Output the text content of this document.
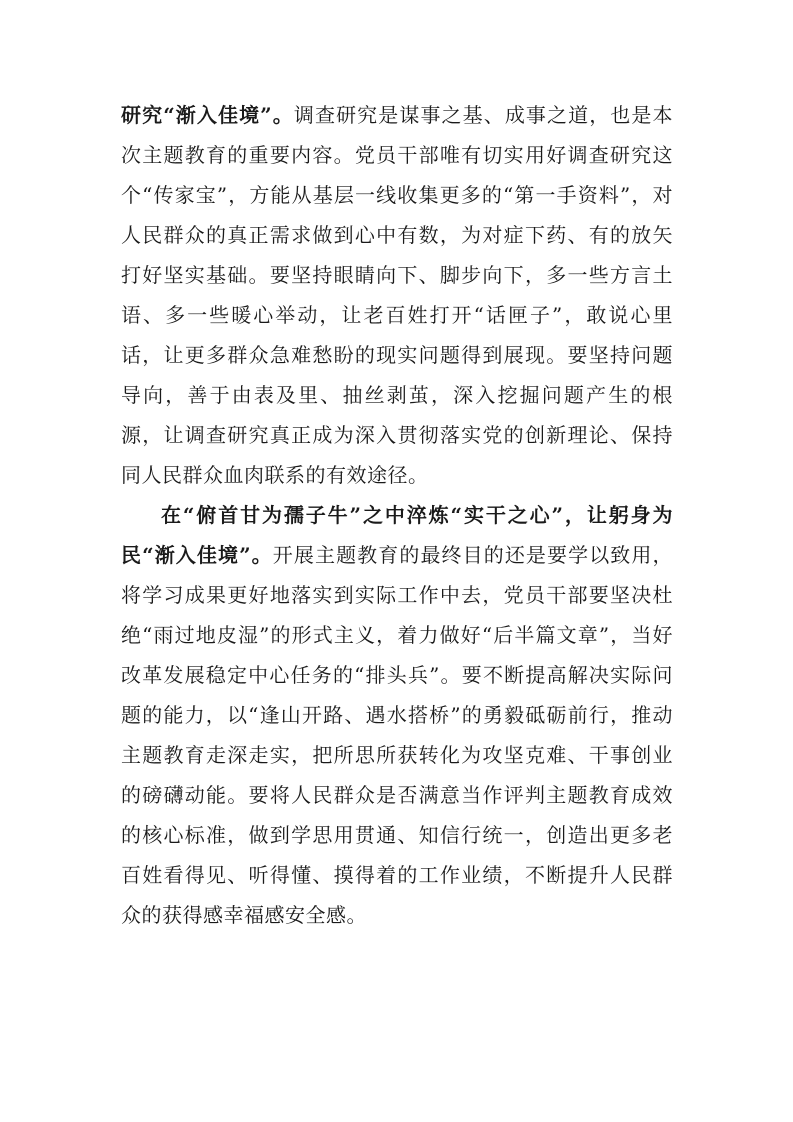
研究“渐入佳境”。调查研究是谋事之基、成事之道，也是本次主题教育的重要内容。党员干部唯有切实用好调查研究这个“传家宝”，方能从基层一线收集更多的“第一手资料”，对人民群众的真正需求做到心中有数，为对症下药、有的放矢打好坚实基础。要坚持眼睛向下、脚步向下，多一些方言土语、多一些暖心举动，让老百姓打开“话匣子”，敢说心里话，让更多群众急难愁盼的现实问题得到展现。要坚持问题导向，善于由表及里、抽丝剥茧，深入挖掘问题产生的根源，让调查研究真正成为深入贯彻落实党的创新理论、保持同人民群众血肉联系的有效途径。

在“俯首甘为孺子牛”之中淬炼“实干之心”，让躬身为民“渐入佳境”。开展主题教育的最终目的还是要学以致用，将学习成果更好地落实到实际工作中去，党员干部要坚决杜绝“雨过地皮湿”的形式主义，着力做好“后半篇文章”，当好改革发展稳定中心任务的“排头兵”。要不断提高解决实际问题的能力，以“逢山开路、遇水搭桥”的勇毅砥砺前行，推动主题教育走深走实，把所思所获转化为攻坚克难、干事创业的磅礴动能。要将人民群众是否满意当作评判主题教育成效的核心标准，做到学思用贯通、知信行统一，创造出更多老百姓看得见、听得懂、摸得着的工作业绩，不断提升人民群众的获得感幸福感安全感。
